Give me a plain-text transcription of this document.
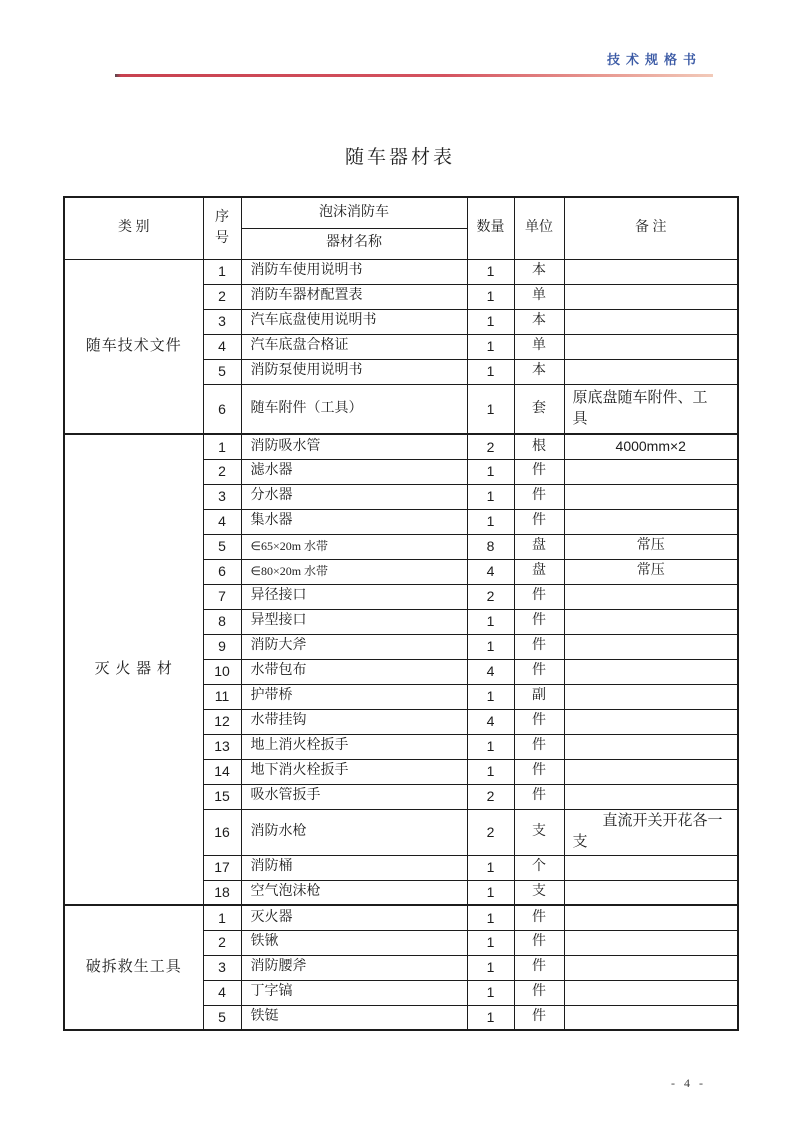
技术规格书
随车器材表
类 别	序号	泡沫消防车	数量	单位	备 注
		器材名称			
随车技术文件	1	消防车使用说明书	1	本	
	2	消防车器材配置表	1	单	
	3	汽车底盘使用说明书	1	本	
	4	汽车底盘合格证	1	单	
	5	消防泵使用说明书	1	本	
	6	随车附件（工具）	1	套	原底盘随车附件、工具
灭 火 器 材	1	消防吸水管	2	根	4000mm×2
	2	滤水器	1	件	
	3	分水器	1	件	
	4	集水器	1	件	
	5	∈65×20m 水带	8	盘	常压
	6	∈80×20m 水带	4	盘	常压
	7	异径接口	2	件	
	8	异型接口	1	件	
	9	消防大斧	1	件	
	10	水带包布	4	件	
	11	护带桥	1	副	
	12	水带挂钩	4	件	
	13	地上消火栓扳手	1	件	
	14	地下消火栓扳手	1	件	
	15	吸水管扳手	2	件	
	16	消防水枪	2	支	直流开关开花各一支
	17	消防桶	1	个	
	18	空气泡沫枪	1	支	
破拆救生工具	1	灭火器	1	件	
	2	铁锹	1	件	
	3	消防腰斧	1	件	
	4	丁字镐	1	件	
	5	铁铤	1	件	
- 4 -
